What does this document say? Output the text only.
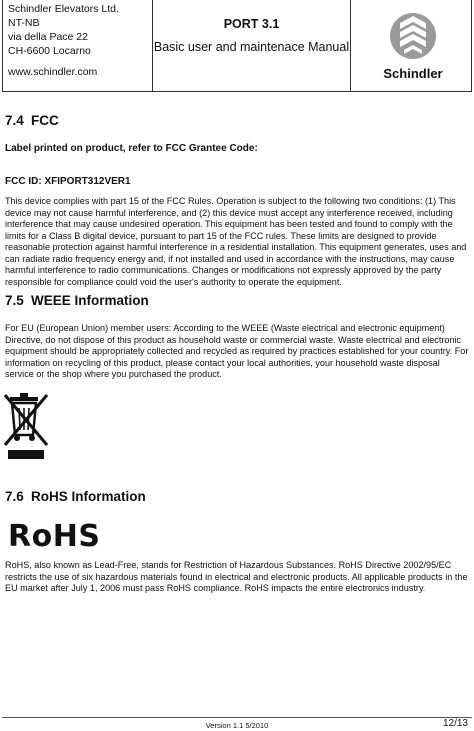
Schindler Elevators Ltd.
NT-NB
via della Pace 22
CH-6600 Locarno
www.schindler.com
PORT 3.1
Basic user and maintenace Manual
Schindler
7.4 FCC
Label printed on product, refer to FCC Grantee Code:
FCC ID: XFIPORT312VER1
This device complies with part 15 of the FCC Rules. Operation is subject to the following two conditions: (1) This device may not cause harmful interference, and (2) this device must accept any interference received, including interference that may cause undesired operation. This equipment has been tested and found to comply with the limits for a Class B digital device, pursuant to part 15 of the FCC rules. These limits are designed to provide reasonable protection against harmful interference in a residential installation. This equipment generates, uses and can radiate radio frequency energy and, if not installed and used in accordance with the instructions, may cause harmful interference to radio communications. Changes or modifications not expressly approved by the party responsible for compliance could void the user's authority to operate the equipment.
7.5 WEEE Information
For EU (European Union) member users: According to the WEEE (Waste electrical and electronic equipment) Directive, do not dispose of this product as household waste or commercial waste. Waste electrical and electronic equipment should be appropriately collected and recycled as required by practices established for your country. For information on recycling of this product, please contact your local authorities, your household waste disposal service or the shop where you purchased the product.
7.6 RoHS Information
RoHS
RoHS, also known as Lead-Free, stands for Restriction of Hazardous Substances. RoHS Directive 2002/95/EC restricts the use of six hazardous materials found in electrical and electronic products. All applicable products in the EU market after July 1, 2006 must pass RoHS compliance. RoHS impacts the entire electronics industry.
Version 1.1 5/2010	12/13
